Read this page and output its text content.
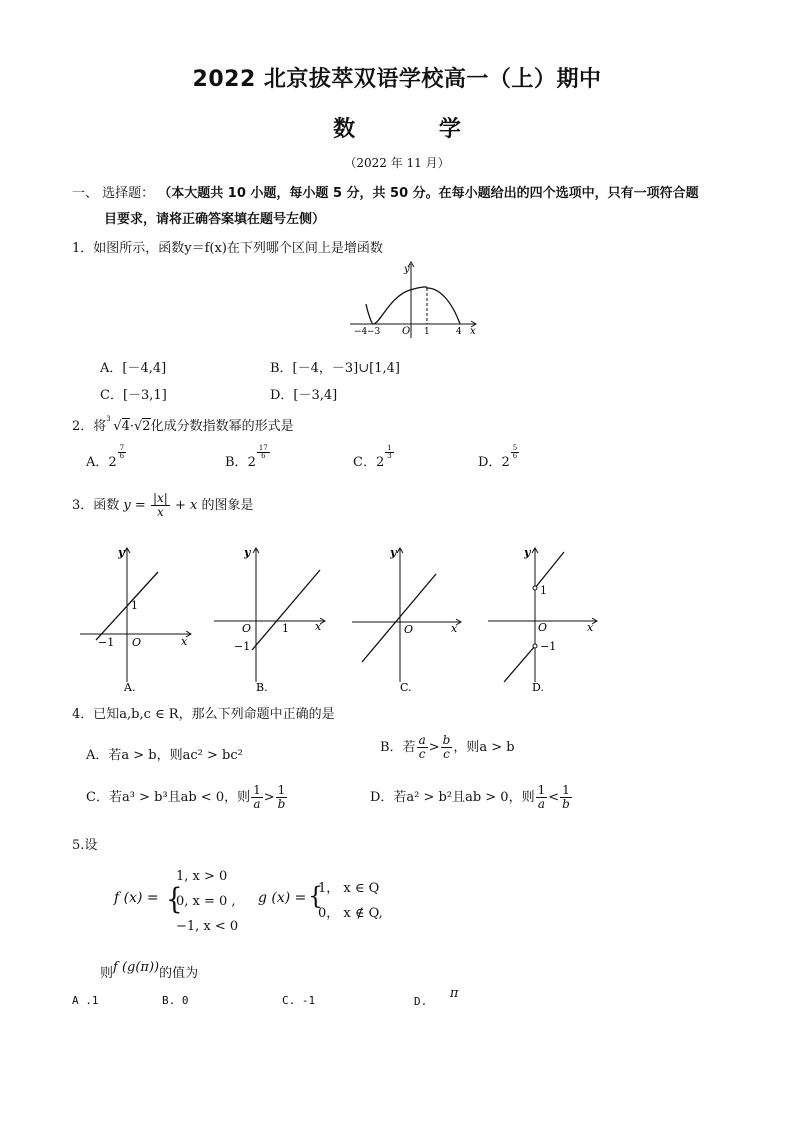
2022 北京拔萃双语学校高一（上）期中
数 学
（2022 年 11 月）
一、 选择题： （本大题共 10 小题，每小题 5 分，共 50 分。在每小题给出的四个选项中，只有一项符合题
目要求，请将正确答案填在题号左侧）
1．如图所示，函数y＝f(x)在下列哪个区间上是增函数
y
x
O
−4 −3	1	4
A．[－4,4]	B．[－4，－3]∪[1,4]
C．[－3,1]	D．[－3,4]
2．将 3 √4·√2化成分数指数幂的形式是
A．2
$\frac{7}{6}$
B．2
$\frac{17}{6}$
C．2
$\frac{1}{3}$
D．2
$\frac{5}{6}$
3．函数 $y = \frac{|x|}{x} + x$ 的图象是
y
1
−1 O	x
A.
y
O	1 x
−1
B.
y
O	x
C.
y
1
O	x
−1
D.
4．已知a,b,c ∈ R，那么下列命题中正确的是
A．若a > b，则ac² > bc²
B．若 $\frac{a}{c} > \frac{b}{c}$ ，则a > b
C．若a³ > b³且ab < 0，则 $\frac{1}{a} > \frac{1}{b}$	D．若a² > b²且ab > 0，则 $\frac{1}{a} < \frac{1}{b}$
5.设
f (x) = {
1, x > 0
0, x = 0 ,
−1, x < 0
g (x) = {
1， x ∈ Q
0， x ∉ Q,
则f (g(π))的值为
A .1	B. 0	C. -1	D. π
